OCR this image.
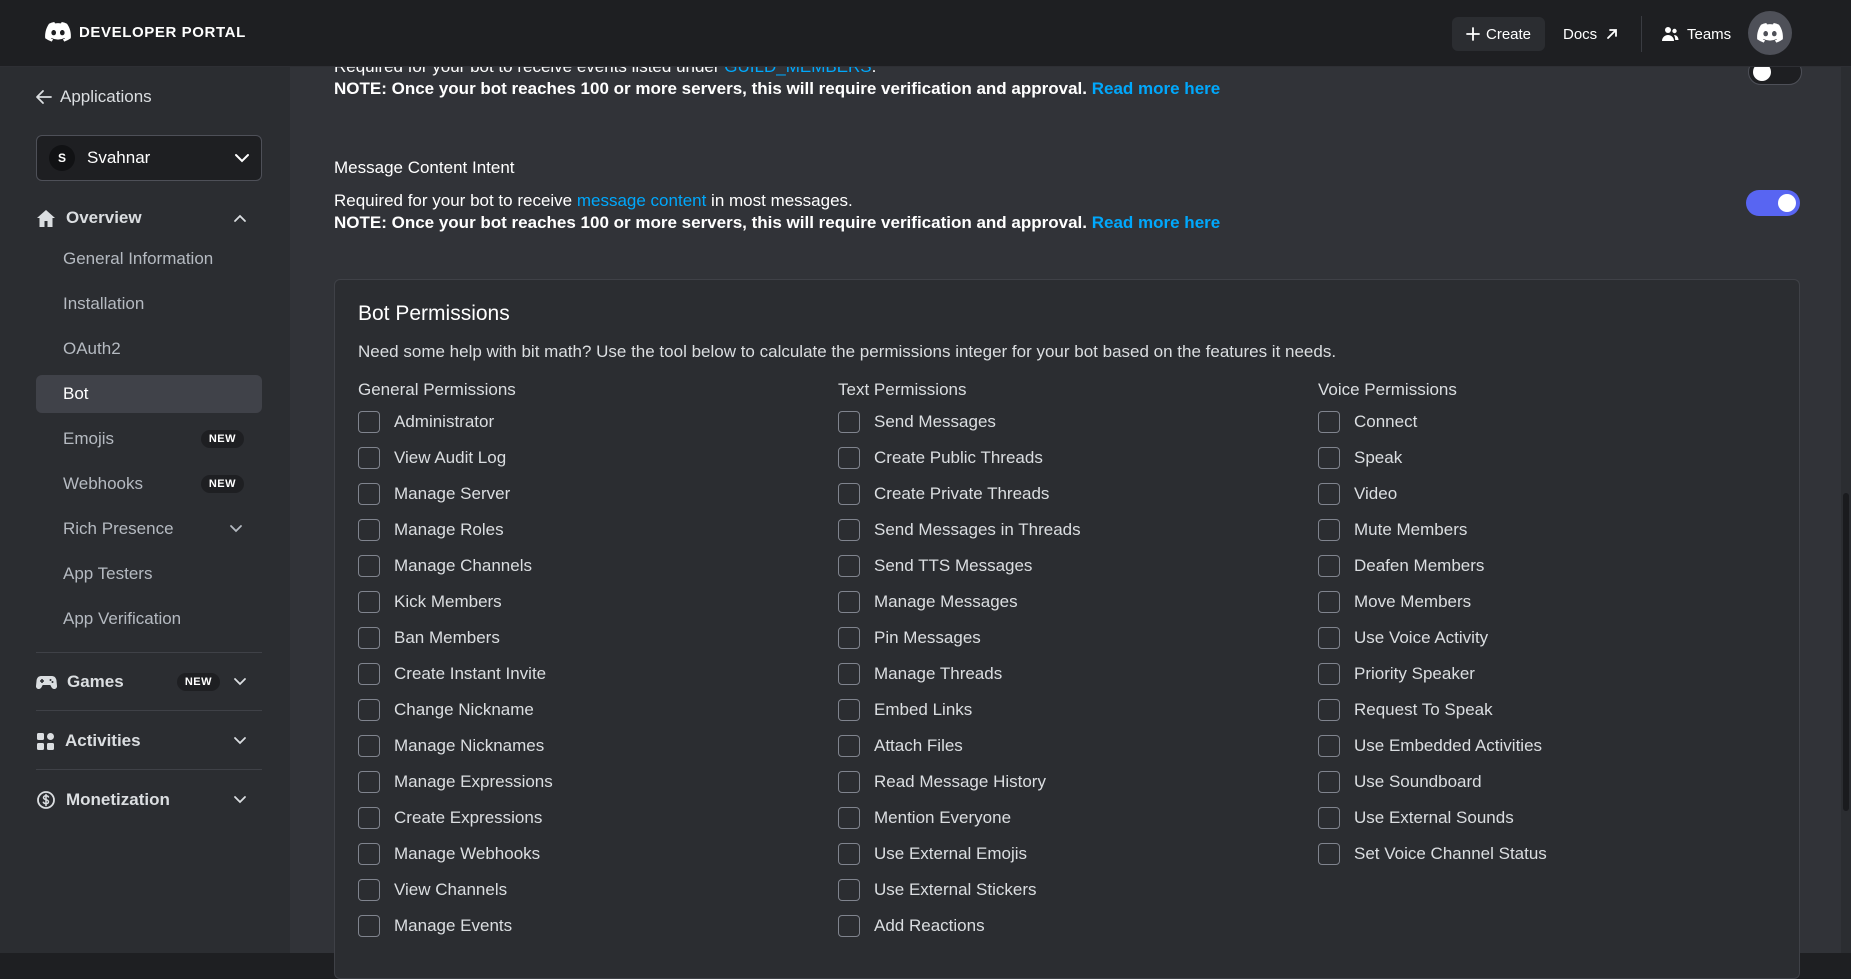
DEVELOPER PORTAL	Create Docs	Teams
Applications
S	Svahnar
Overview
General Information
Installation
OAuth2
Bot
Emojis	NEW
Webhooks	NEW
Rich Presence
App Testers
App Verification
Games	NEW
Activities
Monetization
NOTE: Once your bot reaches 100 or more servers, this will require verification and approval. Read more here
Message Content Intent
Required for your bot to receive message content in most messages.
NOTE: Once your bot reaches 100 or more servers, this will require verification and approval. Read more here
Bot Permissions
Need some help with bit math? Use the tool below to calculate the permissions integer for your bot based on the features it needs.
General Permissions
Administrator
View Audit Log
Manage Server
Manage Roles
Manage Channels
Kick Members
Ban Members
Create Instant Invite
Change Nickname
Manage Nicknames
Manage Expressions
Create Expressions
Manage Webhooks
View Channels
Manage Events
Text Permissions
Send Messages
Create Public Threads
Create Private Threads
Send Messages in Threads
Send TTS Messages
Manage Messages
Pin Messages
Manage Threads
Embed Links
Attach Files
Read Message History
Mention Everyone
Use External Emojis
Use External Stickers
Add Reactions
Voice Permissions
Connect
Speak
Video
Mute Members
Deafen Members
Move Members
Use Voice Activity
Priority Speaker
Request To Speak
Use Embedded Activities
Use Soundboard
Use External Sounds
Set Voice Channel Status
